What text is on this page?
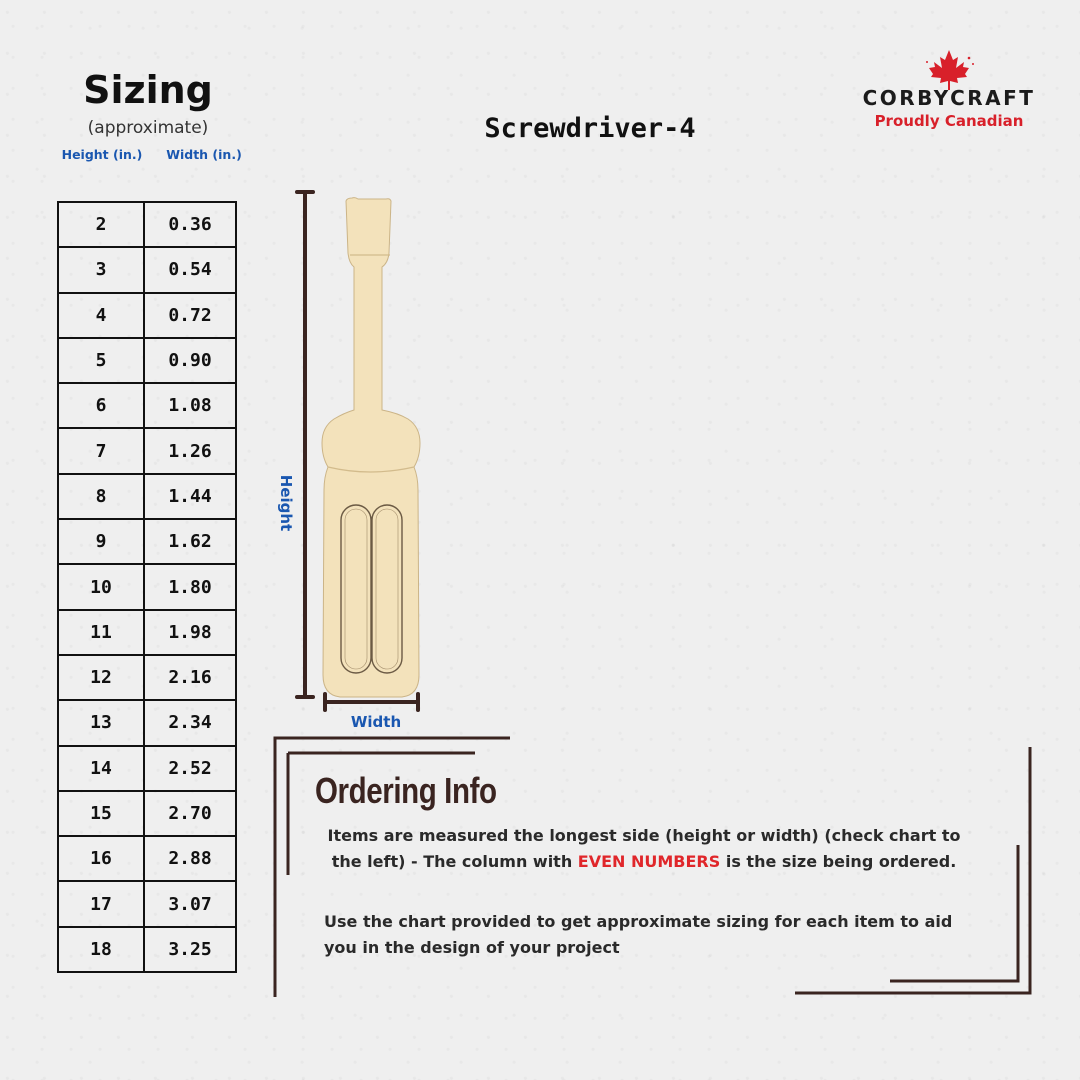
Sizing
(approximate)
Height (in.)	Width (in.)
2	0.36
3	0.54
4	0.72
5	0.90
6	1.08
7	1.26
8	1.44
9	1.62
10	1.80
11	1.98
12	2.16
13	2.34
14	2.52
15	2.70
16	2.88
17	3.07
18	3.25
Screwdriver-4
CORBYCRAFT
Proudly Canadian
Height
Width
Ordering Info
Items are measured the longest side (height or width) (check chart to the left) - The column with EVEN NUMBERS is the size being ordered.
Use the chart provided to get approximate sizing for each item to aid you in the design of your project
